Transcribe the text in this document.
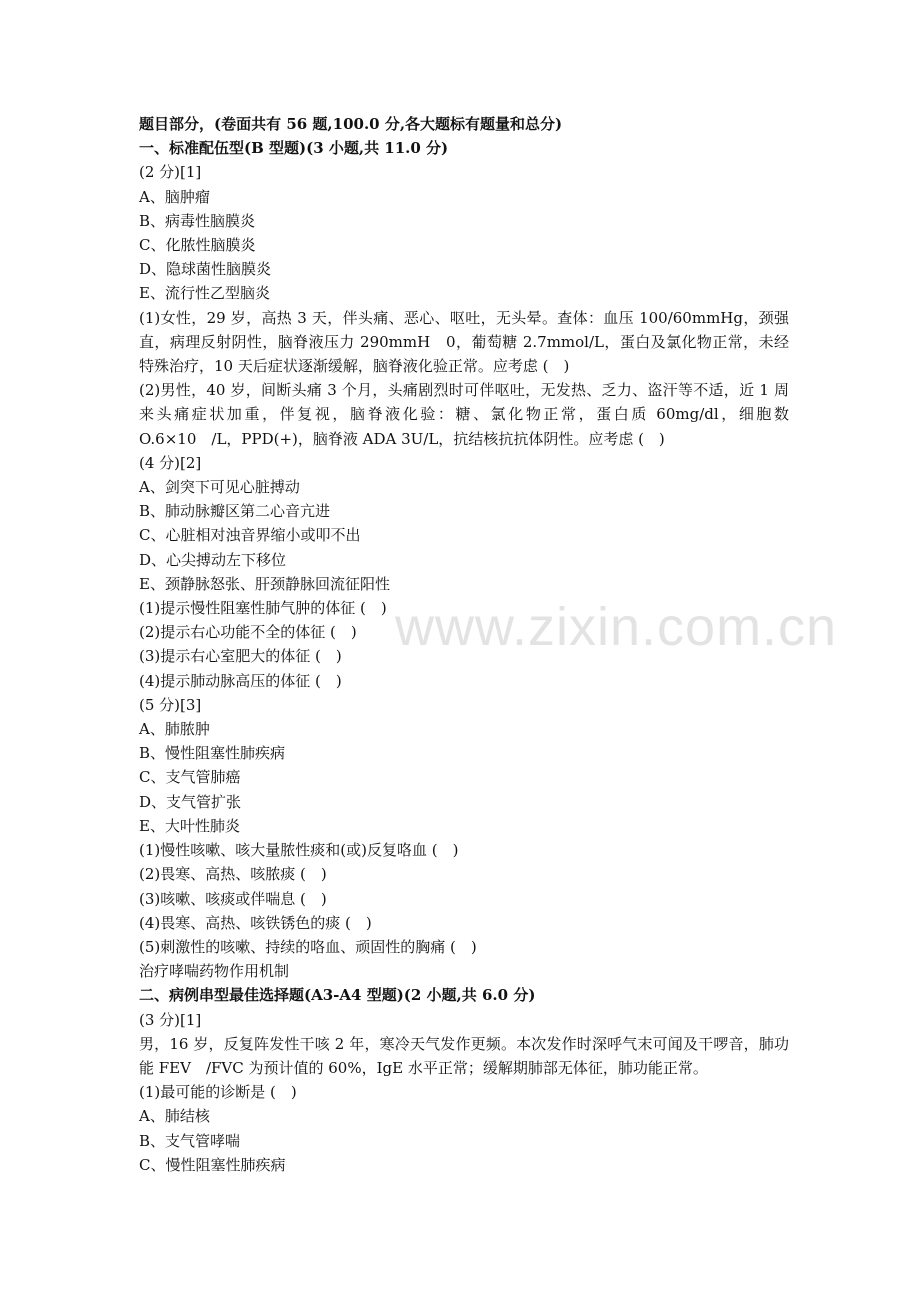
www.zixin.com.cn
题目部分，(卷面共有 56 题,100.0 分,各大题标有题量和总分)
一、标准配伍型(B 型题)(3 小题,共 11.0 分)
(2 分)[1]
A、脑肿瘤
B、病毒性脑膜炎
C、化脓性脑膜炎
D、隐球菌性脑膜炎
E、流行性乙型脑炎
(1)女性，29 岁，高热 3 天，伴头痛、恶心、呕吐，无头晕。查体：血压 100/60mmHg，颈强直，病理反射阴性，脑脊液压力 290mmH　0，葡萄糖 2.7mmol/L，蛋白及氯化物正常，未经特殊治疗，10 天后症状逐渐缓解，脑脊液化验正常。应考虑 (　)
(2)男性，40 岁，间断头痛 3 个月，头痛剧烈时可伴呕吐，无发热、乏力、盗汗等不适，近 1 周来头痛症状加重，伴复视，脑脊液化验：糖、氯化物正常，蛋白质 60mg/dl，细胞数 O.6×10　/L，PPD(+)，脑脊液 ADA 3U/L，抗结核抗抗体阴性。应考虑 (　)
(4 分)[2]
A、剑突下可见心脏搏动
B、肺动脉瓣区第二心音亢进
C、心脏相对浊音界缩小或叩不出
D、心尖搏动左下移位
E、颈静脉怒张、肝颈静脉回流征阳性
(1)提示慢性阻塞性肺气肿的体征 (　)
(2)提示右心功能不全的体征 (　)
(3)提示右心室肥大的体征 (　)
(4)提示肺动脉高压的体征 (　)
(5 分)[3]
A、肺脓肿
B、慢性阻塞性肺疾病
C、支气管肺癌
D、支气管扩张
E、大叶性肺炎
(1)慢性咳嗽、咳大量脓性痰和(或)反复咯血 (　)
(2)畏寒、高热、咳脓痰 (　)
(3)咳嗽、咳痰或伴喘息 (　)
(4)畏寒、高热、咳铁锈色的痰 (　)
(5)刺激性的咳嗽、持续的咯血、顽固性的胸痛 (　)
治疗哮喘药物作用机制
二、病例串型最佳选择题(A3-A4 型题)(2 小题,共 6.0 分)
(3 分)[1]
男，16 岁，反复阵发性干咳 2 年，寒冷天气发作更频。本次发作时深呼气末可闻及干啰音，肺功能 FEV　/FVC 为预计值的 60%，IgE 水平正常；缓解期肺部无体征，肺功能正常。
(1)最可能的诊断是 (　)
A、肺结核
B、支气管哮喘
C、慢性阻塞性肺疾病
